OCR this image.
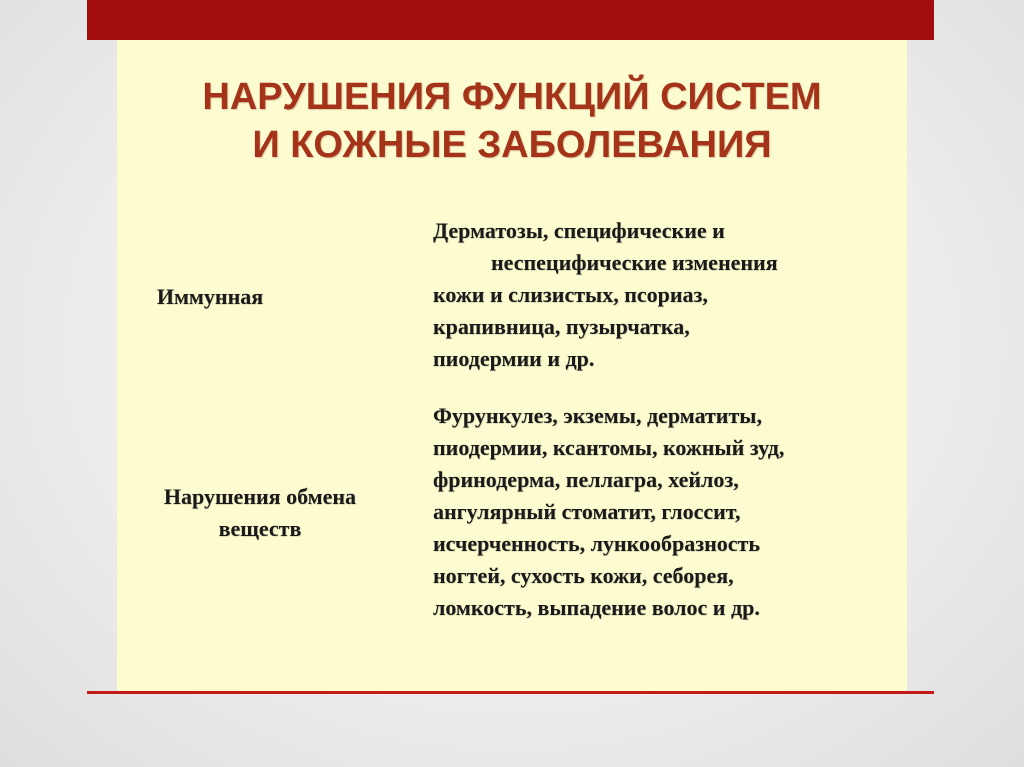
НАРУШЕНИЯ ФУНКЦИЙ СИСТЕМ
И КОЖНЫЕ ЗАБОЛЕВАНИЯ

Иммунная

Дерматозы, специфические и
неспецифические изменения
кожи и слизистых, псориаз,
крапивница, пузырчатка,
пиодермии и др.

Нарушения обмена веществ

Фурункулез, экземы, дерматиты,
пиодермии, ксантомы, кожный зуд,
фринодерма, пеллагра, хейлоз,
ангулярный стоматит, глоссит,
исчерченность, лункообразность
ногтей, сухость кожи, себорея,
ломкость, выпадение волос и др.
